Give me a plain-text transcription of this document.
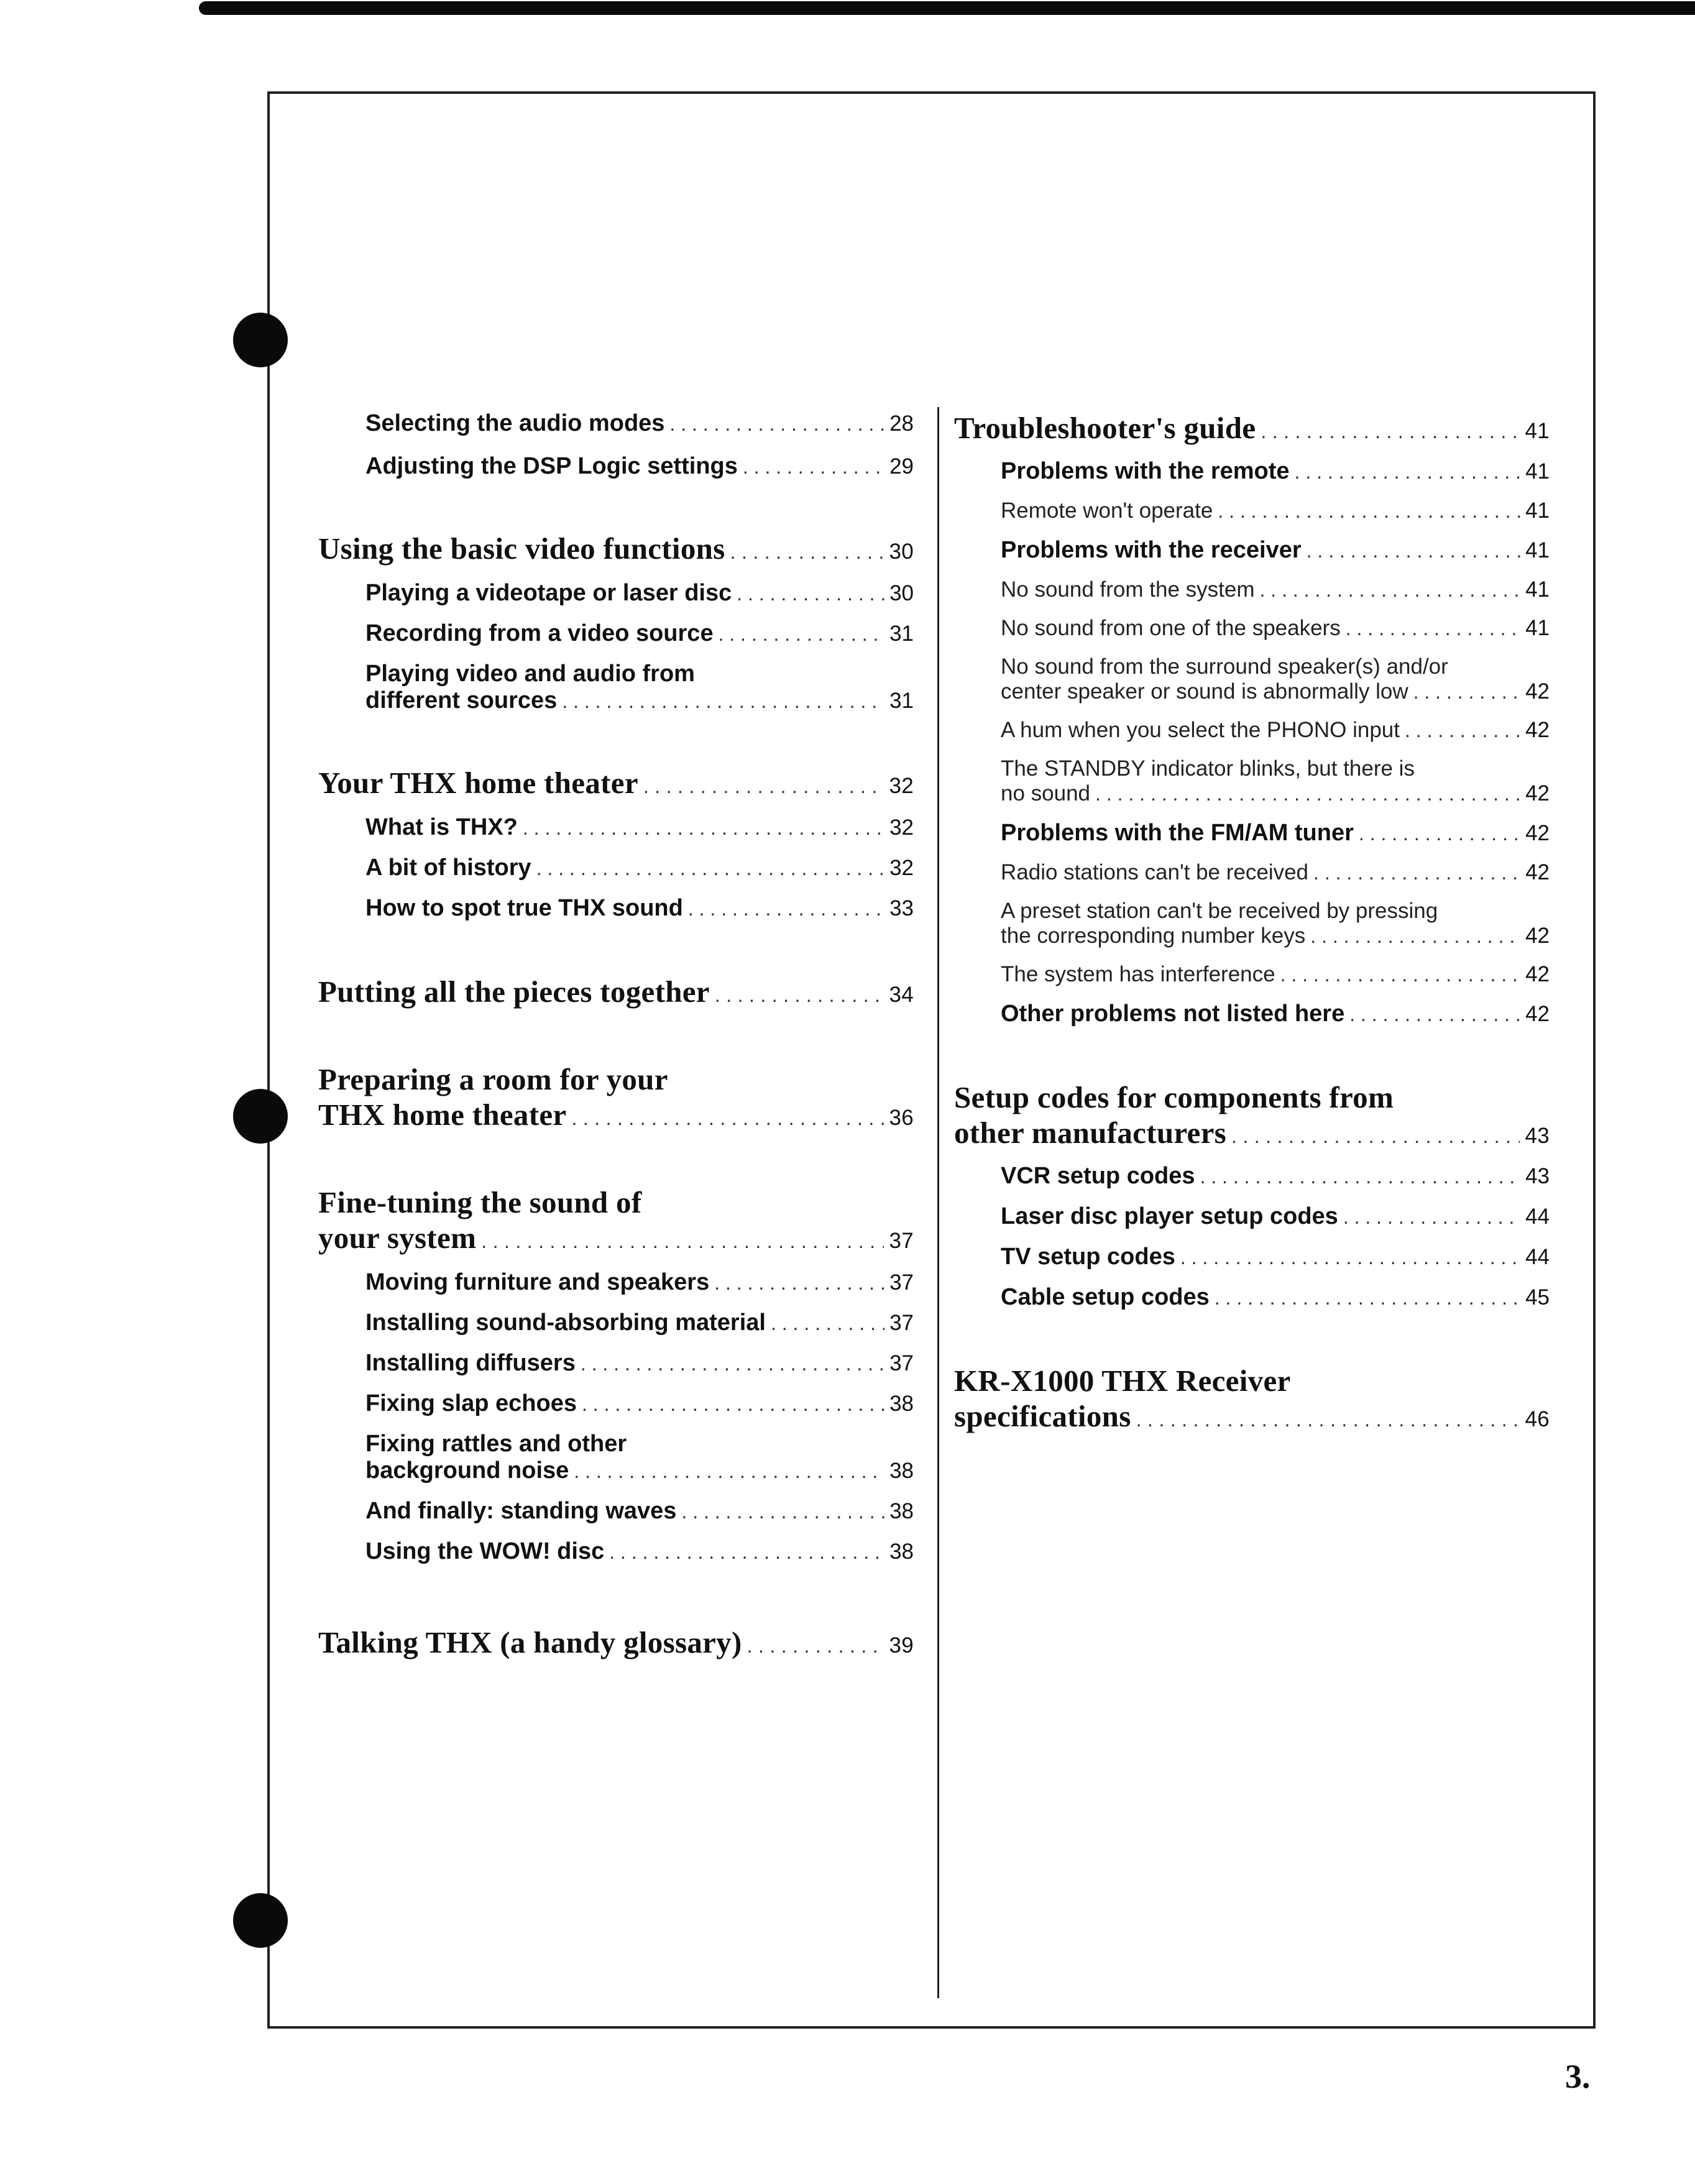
Selecting the audio modes . . .	28
Adjusting the DSP Logic settings . . .	29
Using the basic video functions . . .	30
Playing a videotape or laser disc . . .	30
Recording from a video source . . .	31
Playing video and audio from
different sources . . .	31
Your THX home theater . . .	32
What is THX? . . .	32
A bit of history . . .	32
How to spot true THX sound . . .	33
Putting all the pieces together . . .	34
Preparing a room for your
THX home theater . . .	36
Fine-tuning the sound of
your system . . .	37
Moving furniture and speakers . . .	37
Installing sound-absorbing material . . .	37
Installing diffusers . . .	37
Fixing slap echoes . . .	38
Fixing rattles and other
background noise . . .	38
And finally: standing waves . . .	38
Using the WOW! disc . . .	38
Talking THX (a handy glossary) . . .	39
Troubleshooter's guide . . .	41
Problems with the remote . . .	41
Remote won't operate . . .	41
Problems with the receiver . . .	41
No sound from the system . . .	41
No sound from one of the speakers . . .	41
No sound from the surround speaker(s) and/or
center speaker or sound is abnormally low . . .	42
A hum when you select the PHONO input . . .	42
The STANDBY indicator blinks, but there is
no sound . . .	42
Problems with the FM/AM tuner . . .	42
Radio stations can't be received . . .	42
A preset station can't be received by pressing
the corresponding number keys . . .	42
The system has interference . . .	42
Other problems not listed here . . .	42
Setup codes for components from
other manufacturers . . .	43
VCR setup codes . . .	43
Laser disc player setup codes . . .	44
TV setup codes . . .	44
Cable setup codes . . .	45
KR-X1000 THX Receiver
specifications . . .	46
3.
